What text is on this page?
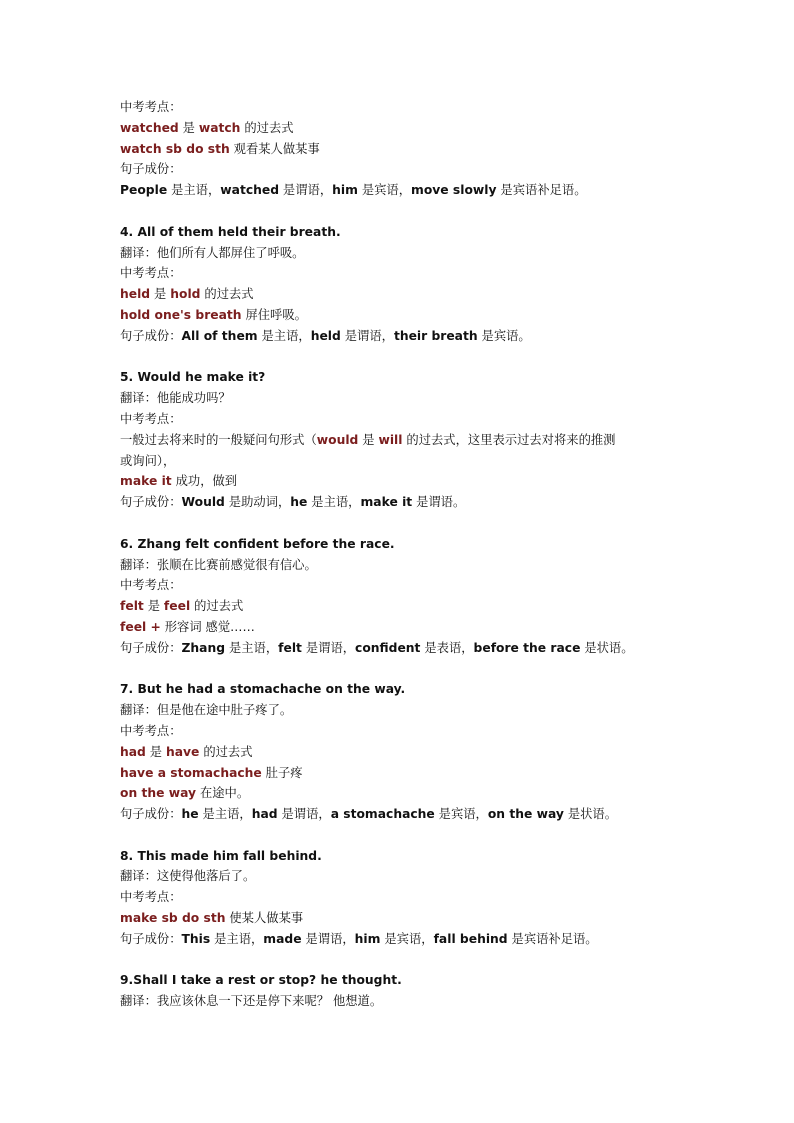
中考考点：

watched 是 watch 的过去式

watch sb do sth 观看某人做某事

句子成份：

People 是主语，watched 是谓语，him 是宾语，move slowly 是宾语补足语。

4. All of them held their breath.

翻译：他们所有人都屏住了呼吸。

中考考点：

held 是 hold 的过去式

hold one's breath 屏住呼吸。

句子成份：All of them 是主语，held 是谓语，their breath 是宾语。

5. Would he make it?

翻译：他能成功吗？

中考考点：

一般过去将来时的一般疑问句形式（would 是 will 的过去式，这里表示过去对将来的推测

或询问），

make it 成功，做到

句子成份：Would 是助动词，he 是主语，make it 是谓语。

6. Zhang felt confident before the race.

翻译：张顺在比赛前感觉很有信心。

中考考点：

felt 是 feel 的过去式

feel + 形容词 感觉……

句子成份：Zhang 是主语，felt 是谓语，confident 是表语，before the race 是状语。

7. But he had a stomachache on the way.

翻译：但是他在途中肚子疼了。

中考考点：

had 是 have 的过去式

have a stomachache 肚子疼

on the way 在途中。

句子成份：he 是主语，had 是谓语，a stomachache 是宾语，on the way 是状语。

8. This made him fall behind.

翻译：这使得他落后了。

中考考点：

make sb do sth 使某人做某事

句子成份：This 是主语，made 是谓语，him 是宾语，fall behind 是宾语补足语。

9.Shall I take a rest or stop? he thought.

翻译：我应该休息一下还是停下来呢？ 他想道。
